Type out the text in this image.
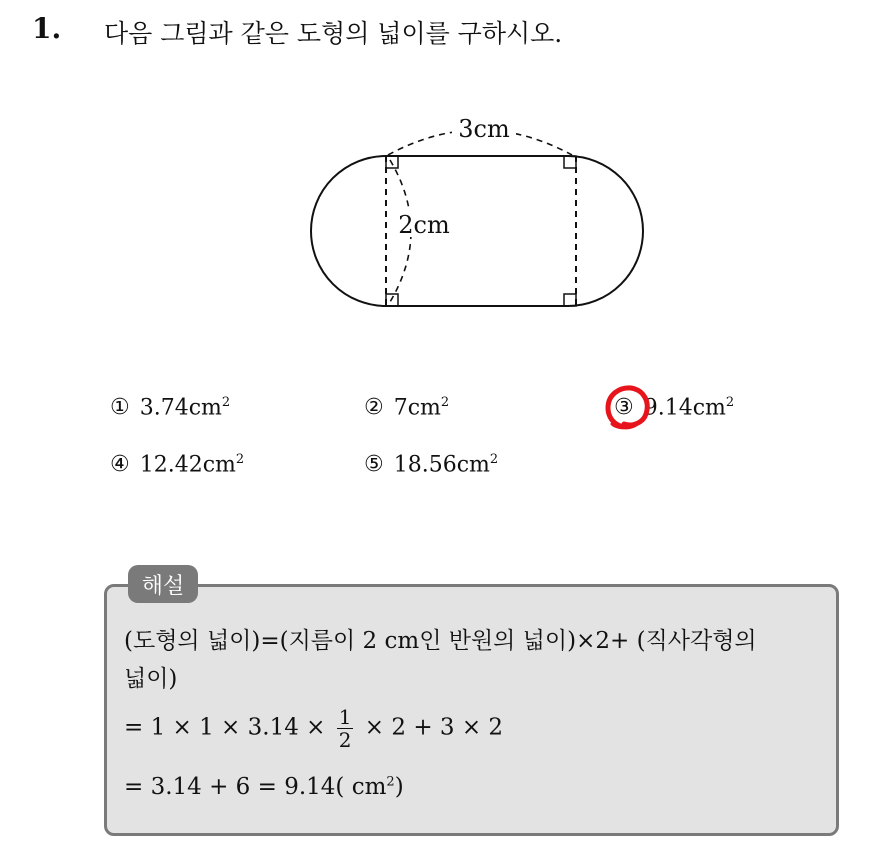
1. 다음 그림과 같은 도형의 넓이를 구하시오.
3cm
2cm
① $3.74cm^2$	② $7cm^2$	③ $9.14cm^2$
④ $12.42cm^2$	⑤ $18.56cm^2$
해설
(도형의 넓이)=(지름이 2 cm인 반원의 넓이)×2+ (직사각형의
넓이)
= $1 \times 1 \times 3.14 \times \frac{1}{2} \times 2 + 3 \times 2$
= 3.14 + 6 = 9.14( $cm^2$)
